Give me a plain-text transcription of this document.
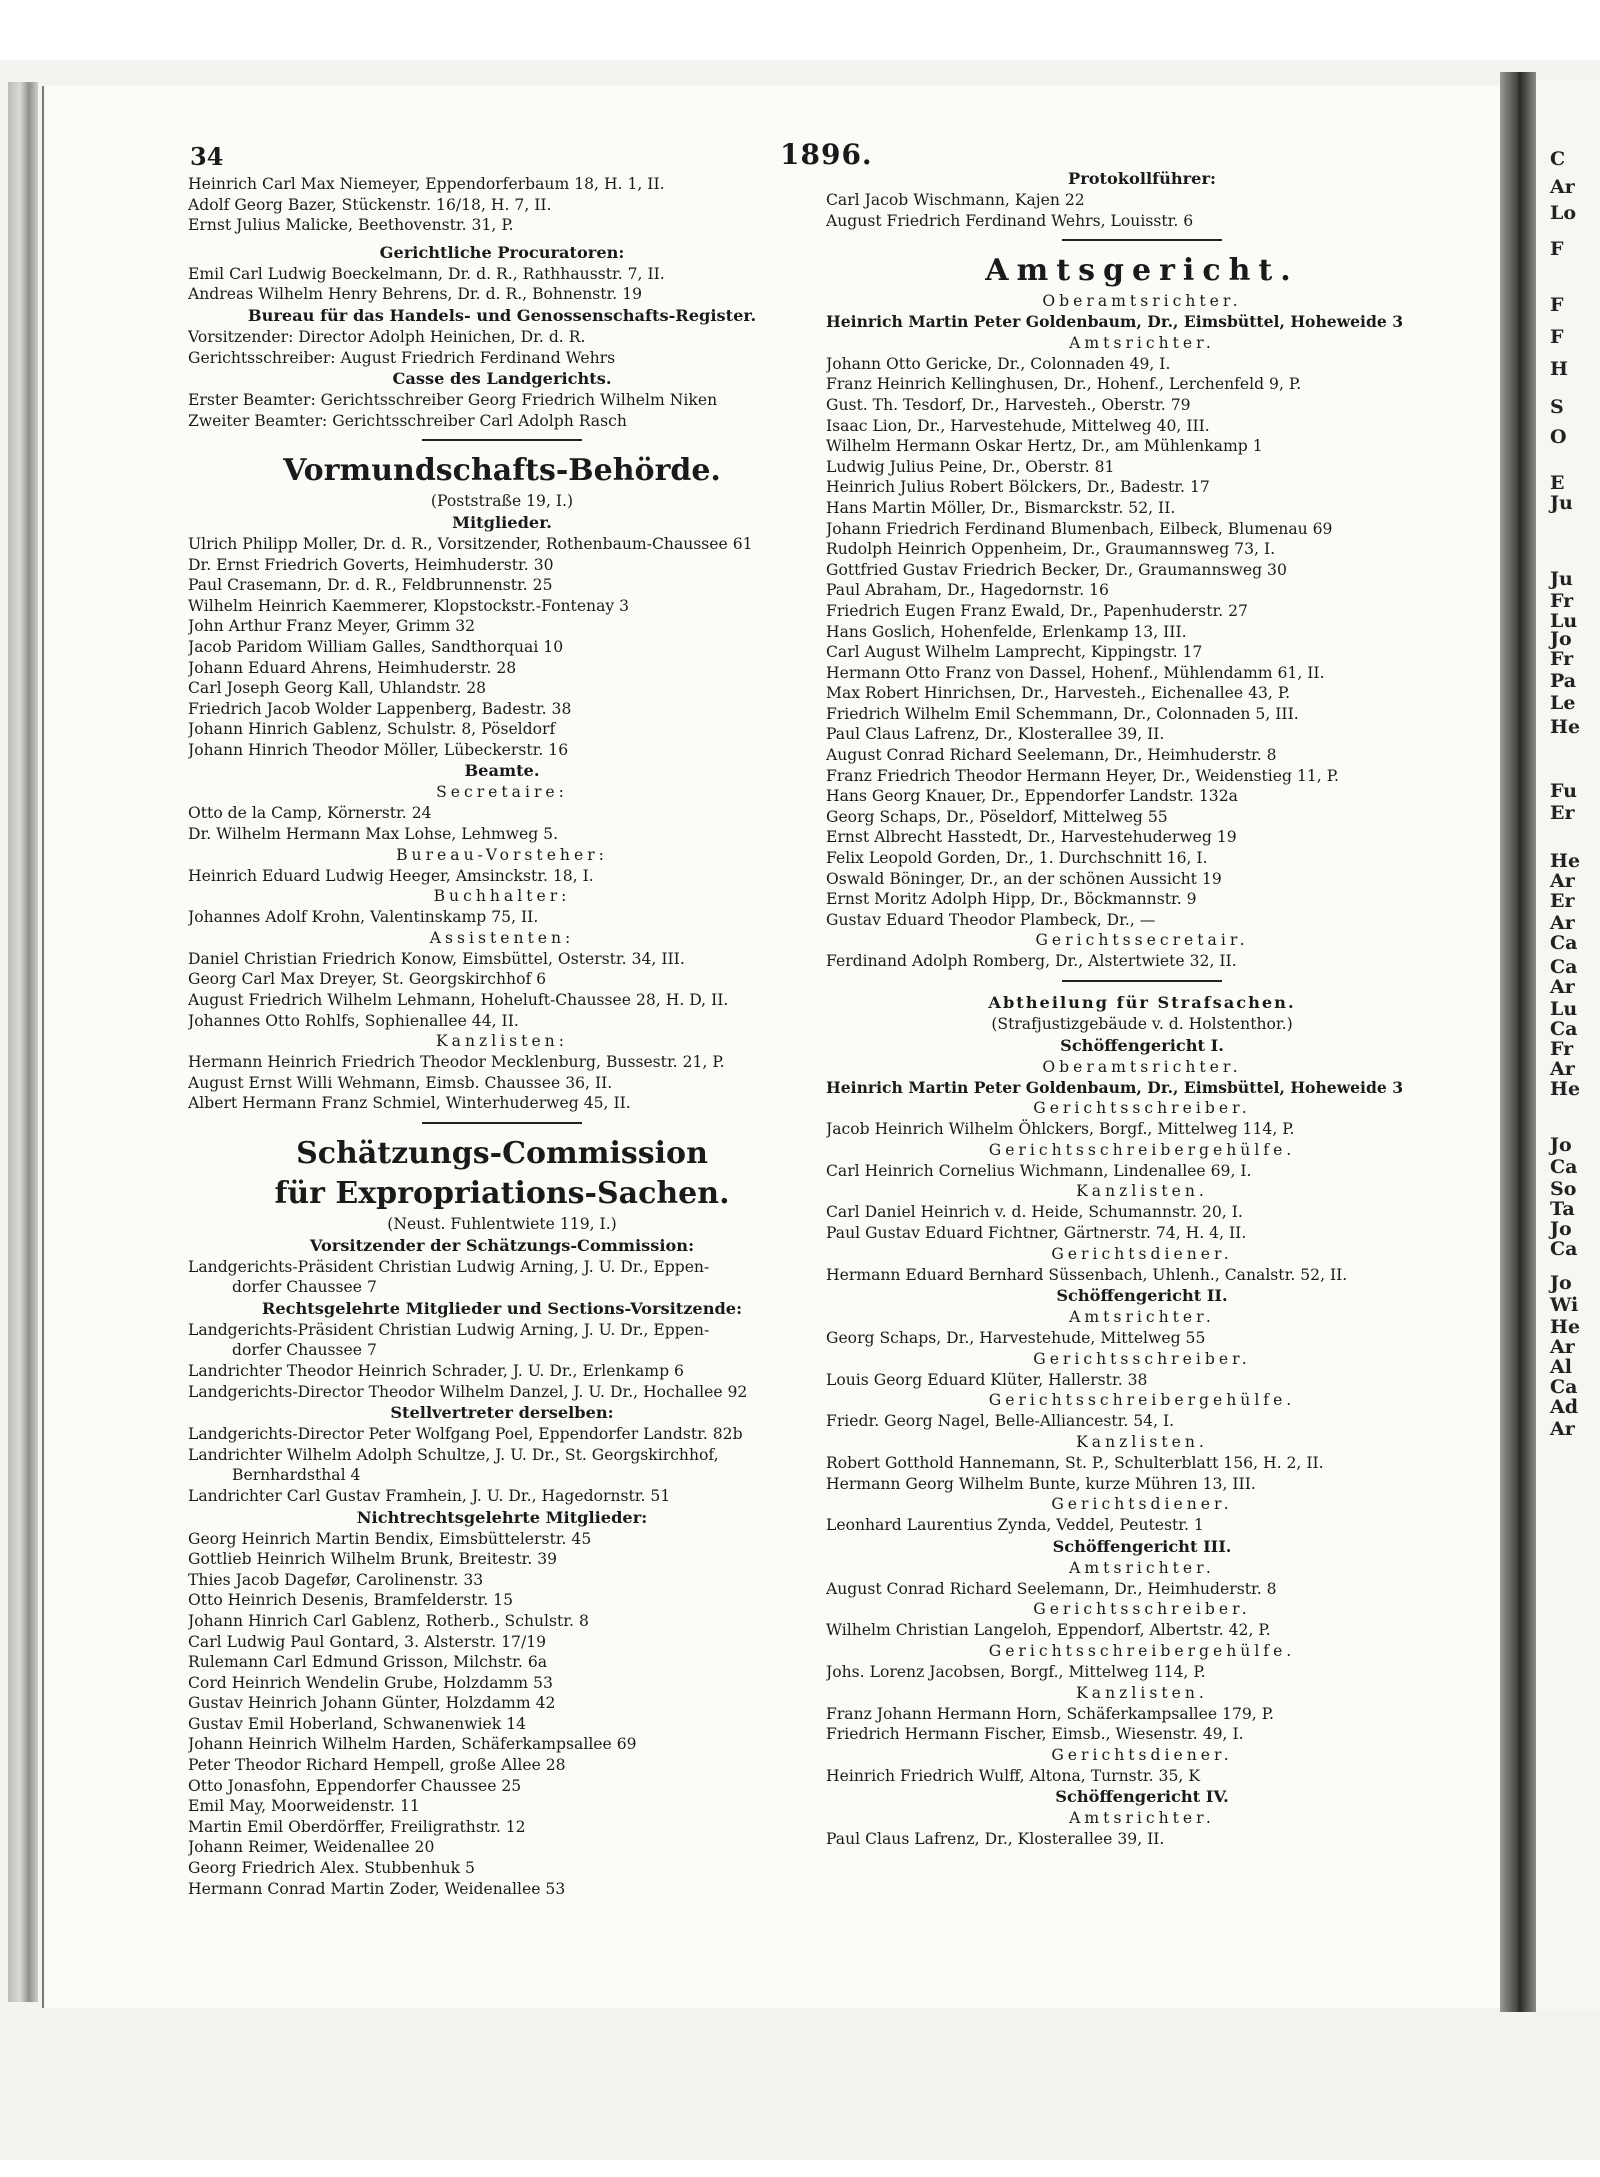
C
Ar
Lo
F
F
F
H
S
O
E
Ju
Ju
Fr
Lu
Jo
Fr
Pa
Le
He
Fu
Er
He
Ar
Er
Ar
Ca
Ca
Ar
Lu
Ca
Fr
Ar
He
Jo
Ca
So
Ta
Jo
Ca
Jo
Wi
He
Ar
Al
Ca
Ad
Ar
34	1896.
Heinrich Carl Max Niemeyer, Eppendorferbaum 18, H. 1, II.
Adolf Georg Bazer, Stückenstr. 16/18, H. 7, II.
Ernst Julius Malicke, Beethovenstr. 31, P.
Gerichtliche Procuratoren:
Emil Carl Ludwig Boeckelmann, Dr. d. R., Rathhausstr. 7, II.
Andreas Wilhelm Henry Behrens, Dr. d. R., Bohnenstr. 19
Bureau für das Handels- und Genossenschafts-Register.
Vorsitzender: Director Adolph Heinichen, Dr. d. R.
Gerichtsschreiber: August Friedrich Ferdinand Wehrs
Casse des Landgerichts.
Erster Beamter: Gerichtsschreiber Georg Friedrich Wilhelm Niken
Zweiter Beamter: Gerichtsschreiber Carl Adolph Rasch
Vormundschafts-Behörde.
(Poststraße 19, I.)
Mitglieder.
Ulrich Philipp Moller, Dr. d. R., Vorsitzender, Rothenbaum-Chaussee 61
Dr. Ernst Friedrich Goverts, Heimhuderstr. 30
Paul Crasemann, Dr. d. R., Feldbrunnenstr. 25
Wilhelm Heinrich Kaemmerer, Klopstockstr.-Fontenay 3
John Arthur Franz Meyer, Grimm 32
Jacob Paridom William Galles, Sandthorquai 10
Johann Eduard Ahrens, Heimhuderstr. 28
Carl Joseph Georg Kall, Uhlandstr. 28
Friedrich Jacob Wolder Lappenberg, Badestr. 38
Johann Hinrich Gablenz, Schulstr. 8, Pöseldorf
Johann Hinrich Theodor Möller, Lübeckerstr. 16
Beamte.
Secretaire:
Otto de la Camp, Körnerstr. 24
Dr. Wilhelm Hermann Max Lohse, Lehmweg 5.
Bureau-Vorsteher:
Heinrich Eduard Ludwig Heeger, Amsinckstr. 18, I.
Buchhalter:
Johannes Adolf Krohn, Valentinskamp 75, II.
Assistenten:
Daniel Christian Friedrich Konow, Eimsbüttel, Osterstr. 34, III.
Georg Carl Max Dreyer, St. Georgskirchhof 6
August Friedrich Wilhelm Lehmann, Hoheluft-Chaussee 28, H. D, II.
Johannes Otto Rohlfs, Sophienallee 44, II.
Kanzlisten:
Hermann Heinrich Friedrich Theodor Mecklenburg, Bussestr. 21, P.
August Ernst Willi Wehmann, Eimsb. Chaussee 36, II.
Albert Hermann Franz Schmiel, Winterhuderweg 45, II.
Schätzungs-Commission
für Expropriations-Sachen.
(Neust. Fuhlentwiete 119, I.)
Vorsitzender der Schätzungs-Commission:
Landgerichts-Präsident Christian Ludwig Arning, J. U. Dr., Eppen-
dorfer Chaussee 7
Rechtsgelehrte Mitglieder und Sections-Vorsitzende:
Landgerichts-Präsident Christian Ludwig Arning, J. U. Dr., Eppen-
dorfer Chaussee 7
Landrichter Theodor Heinrich Schrader, J. U. Dr., Erlenkamp 6
Landgerichts-Director Theodor Wilhelm Danzel, J. U. Dr., Hochallee 92
Stellvertreter derselben:
Landgerichts-Director Peter Wolfgang Poel, Eppendorfer Landstr. 82b
Landrichter Wilhelm Adolph Schultze, J. U. Dr., St. Georgskirchhof,
Bernhardsthal 4
Landrichter Carl Gustav Framhein, J. U. Dr., Hagedornstr. 51
Nichtrechtsgelehrte Mitglieder:
Georg Heinrich Martin Bendix, Eimsbüttelerstr. 45
Gottlieb Heinrich Wilhelm Brunk, Breitestr. 39
Thies Jacob Dagefør, Carolinenstr. 33
Otto Heinrich Desenis, Bramfelderstr. 15
Johann Hinrich Carl Gablenz, Rotherb., Schulstr. 8
Carl Ludwig Paul Gontard, 3. Alsterstr. 17/19
Rulemann Carl Edmund Grisson, Milchstr. 6a
Cord Heinrich Wendelin Grube, Holzdamm 53
Gustav Heinrich Johann Günter, Holzdamm 42
Gustav Emil Hoberland, Schwanenwiek 14
Johann Heinrich Wilhelm Harden, Schäferkampsallee 69
Peter Theodor Richard Hempell, große Allee 28
Otto Jonasfohn, Eppendorfer Chaussee 25
Emil May, Moorweidenstr. 11
Martin Emil Oberdörffer, Freiligrathstr. 12
Johann Reimer, Weidenallee 20
Georg Friedrich Alex. Stubbenhuk 5
Hermann Conrad Martin Zoder, Weidenallee 53
Protokollführer:
Carl Jacob Wischmann, Kajen 22
August Friedrich Ferdinand Wehrs, Louisstr. 6
Amtsgericht.
Oberamtsrichter.
Heinrich Martin Peter Goldenbaum, Dr., Eimsbüttel, Hoheweide 3
Amtsrichter.
Johann Otto Gericke, Dr., Colonnaden 49, I.
Franz Heinrich Kellinghusen, Dr., Hohenf., Lerchenfeld 9, P.
Gust. Th. Tesdorf, Dr., Harvesteh., Oberstr. 79
Isaac Lion, Dr., Harvestehude, Mittelweg 40, III.
Wilhelm Hermann Oskar Hertz, Dr., am Mühlenkamp 1
Ludwig Julius Peine, Dr., Oberstr. 81
Heinrich Julius Robert Bölckers, Dr., Badestr. 17
Hans Martin Möller, Dr., Bismarckstr. 52, II.
Johann Friedrich Ferdinand Blumenbach, Eilbeck, Blumenau 69
Rudolph Heinrich Oppenheim, Dr., Graumannsweg 73, I.
Gottfried Gustav Friedrich Becker, Dr., Graumannsweg 30
Paul Abraham, Dr., Hagedornstr. 16
Friedrich Eugen Franz Ewald, Dr., Papenhuderstr. 27
Hans Goslich, Hohenfelde, Erlenkamp 13, III.
Carl August Wilhelm Lamprecht, Kippingstr. 17
Hermann Otto Franz von Dassel, Hohenf., Mühlendamm 61, II.
Max Robert Hinrichsen, Dr., Harvesteh., Eichenallee 43, P.
Friedrich Wilhelm Emil Schemmann, Dr., Colonnaden 5, III.
Paul Claus Lafrenz, Dr., Klosterallee 39, II.
August Conrad Richard Seelemann, Dr., Heimhuderstr. 8
Franz Friedrich Theodor Hermann Heyer, Dr., Weidenstieg 11, P.
Hans Georg Knauer, Dr., Eppendorfer Landstr. 132a
Georg Schaps, Dr., Pöseldorf, Mittelweg 55
Ernst Albrecht Hasstedt, Dr., Harvestehuderweg 19
Felix Leopold Gorden, Dr., 1. Durchschnitt 16, I.
Oswald Böninger, Dr., an der schönen Aussicht 19
Ernst Moritz Adolph Hipp, Dr., Böckmannstr. 9
Gustav Eduard Theodor Plambeck, Dr., —
Gerichtssecretair.
Ferdinand Adolph Romberg, Dr., Alstertwiete 32, II.
Abtheilung für Strafsachen.
(Strafjustizgebäude v. d. Holstenthor.)
Schöffengericht I.
Oberamtsrichter.
Heinrich Martin Peter Goldenbaum, Dr., Eimsbüttel, Hoheweide 3
Gerichtsschreiber.
Jacob Heinrich Wilhelm Öhlckers, Borgf., Mittelweg 114, P.
Gerichtsschreibergehülfe.
Carl Heinrich Cornelius Wichmann, Lindenallee 69, I.
Kanzlisten.
Carl Daniel Heinrich v. d. Heide, Schumannstr. 20, I.
Paul Gustav Eduard Fichtner, Gärtnerstr. 74, H. 4, II.
Gerichtsdiener.
Hermann Eduard Bernhard Süssenbach, Uhlenh., Canalstr. 52, II.
Schöffengericht II.
Amtsrichter.
Georg Schaps, Dr., Harvestehude, Mittelweg 55
Gerichtsschreiber.
Louis Georg Eduard Klüter, Hallerstr. 38
Gerichtsschreibergehülfe.
Friedr. Georg Nagel, Belle-Alliancestr. 54, I.
Kanzlisten.
Robert Gotthold Hannemann, St. P., Schulterblatt 156, H. 2, II.
Hermann Georg Wilhelm Bunte, kurze Mühren 13, III.
Gerichtsdiener.
Leonhard Laurentius Zynda, Veddel, Peutestr. 1
Schöffengericht III.
Amtsrichter.
August Conrad Richard Seelemann, Dr., Heimhuderstr. 8
Gerichtsschreiber.
Wilhelm Christian Langeloh, Eppendorf, Albertstr. 42, P.
Gerichtsschreibergehülfe.
Johs. Lorenz Jacobsen, Borgf., Mittelweg 114, P.
Kanzlisten.
Franz Johann Hermann Horn, Schäferkampsallee 179, P.
Friedrich Hermann Fischer, Eimsb., Wiesenstr. 49, I.
Gerichtsdiener.
Heinrich Friedrich Wulff, Altona, Turnstr. 35, K
Schöffengericht IV.
Amtsrichter.
Paul Claus Lafrenz, Dr., Klosterallee 39, II.
